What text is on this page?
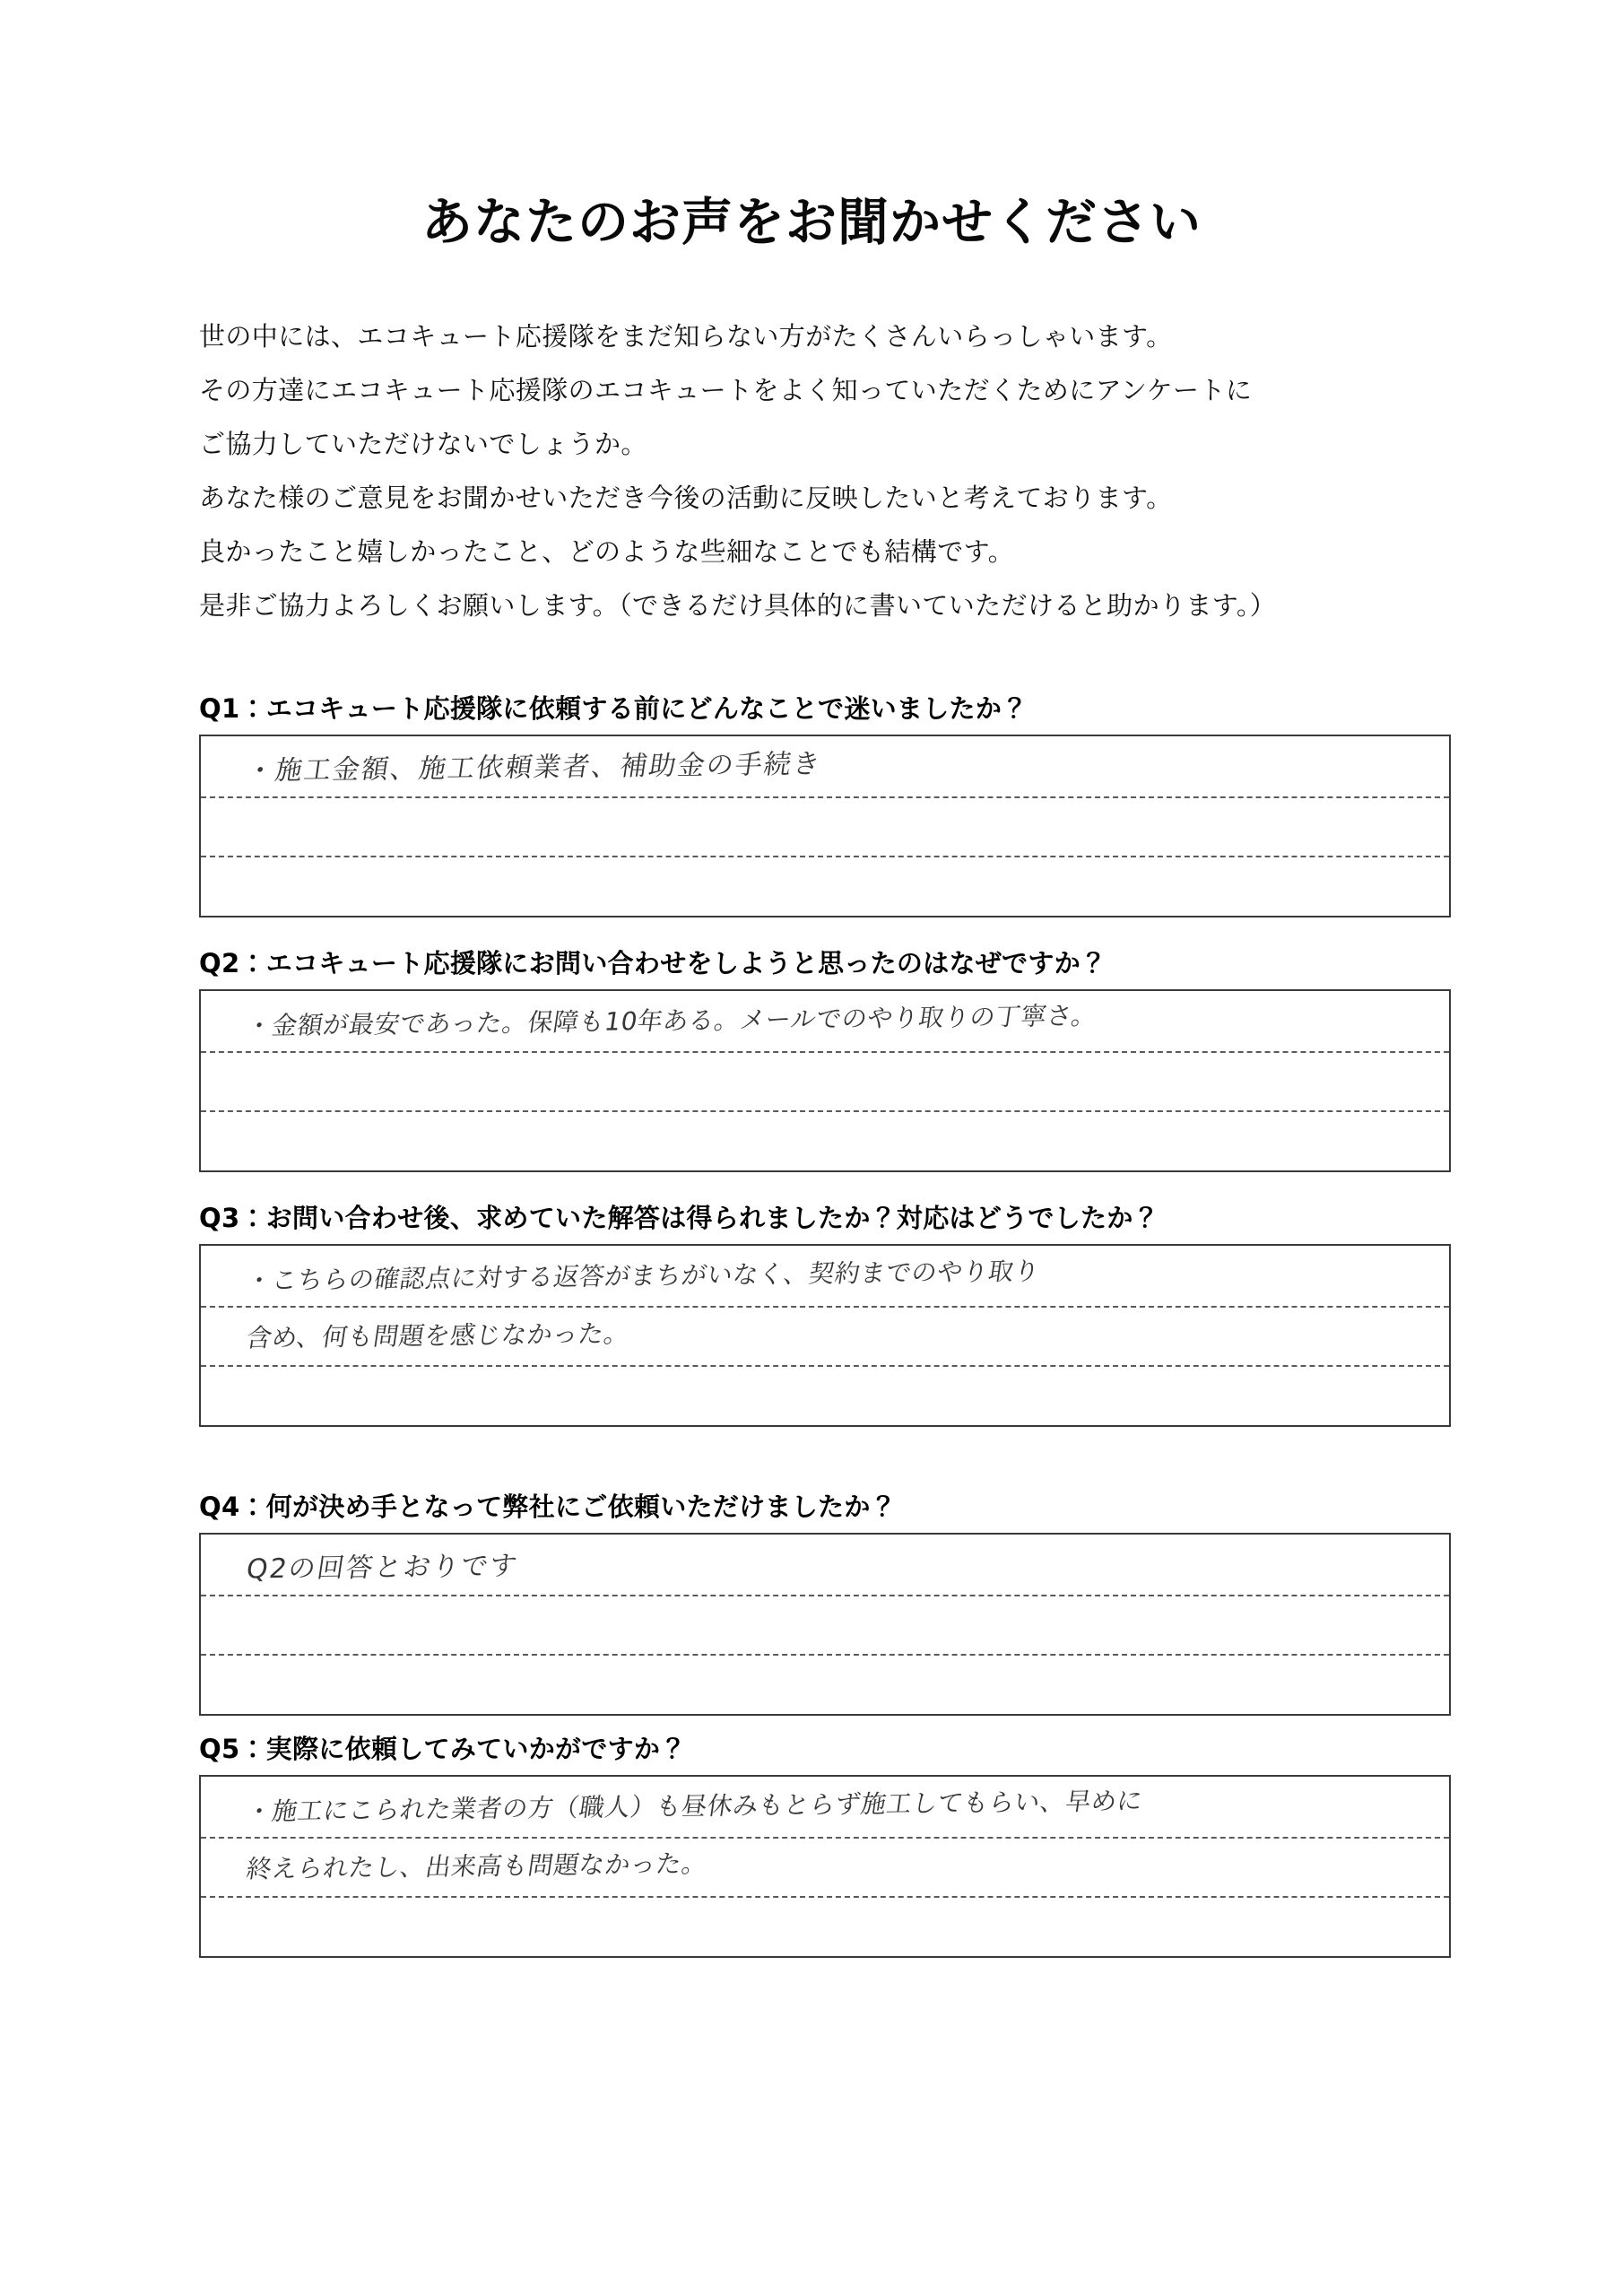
あなたのお声をお聞かせください
世の中には、エコキュート応援隊をまだ知らない方がたくさんいらっしゃいます。
その方達にエコキュート応援隊のエコキュートをよく知っていただくためにアンケートに
ご協力していただけないでしょうか。
あなた様のご意見をお聞かせいただき今後の活動に反映したいと考えております。
良かったこと嬉しかったこと、どのような些細なことでも結構です。
是非ご協力よろしくお願いします。（できるだけ具体的に書いていただけると助かります。）
Q1：エコキュート応援隊に依頼する前にどんなことで迷いましたか？
・施工金額、施工依頼業者、補助金の手続き
Q2：エコキュート応援隊にお問い合わせをしようと思ったのはなぜですか？
・金額が最安であった。保障も10年ある。メールでのやり取りの丁寧さ。
Q3：お問い合わせ後、求めていた解答は得られましたか？対応はどうでしたか？
・こちらの確認点に対する返答がまちがいなく、契約までのやり取り
含め、何も問題を感じなかった。
Q4：何が決め手となって弊社にご依頼いただけましたか？
Q2の回答とおりです
Q5：実際に依頼してみていかがですか？
・施工にこられた業者の方（職人）も昼休みもとらず施工してもらい、早めに
終えられたし、出来高も問題なかった。
